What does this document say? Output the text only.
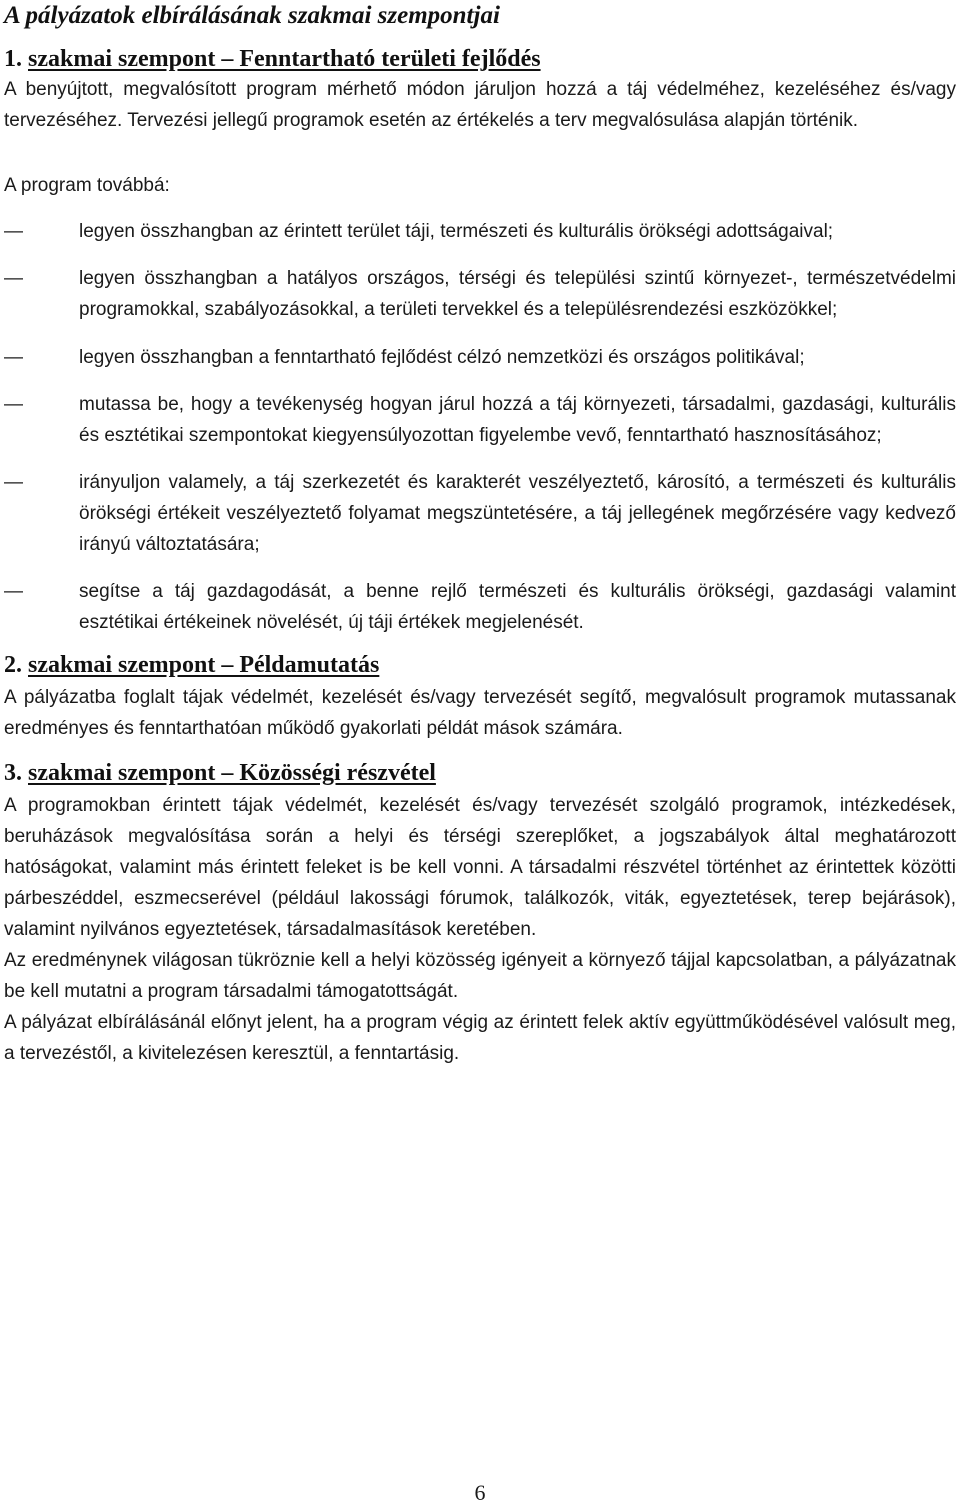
A pályázatok elbírálásának szakmai szempontjai
1. szakmai szempont – Fenntartható területi fejlődés

A benyújtott, megvalósított program mérhető módon járuljon hozzá a táj védelméhez, kezeléséhez és/vagy tervezéséhez. Tervezési jellegű programok esetén az értékelés a terv megvalósulása alapján történik.

A program továbbá:

—	legyen összhangban az érintett terület táji, természeti és kulturális örökségi adottságaival;
—	legyen összhangban a hatályos országos, térségi és települési szintű környezet-, természetvédelmi programokkal, szabályozásokkal, a területi tervekkel és a településrendezési eszközökkel;
—	legyen összhangban a fenntartható fejlődést célzó nemzetközi és országos politikával;
—	mutassa be, hogy a tevékenység hogyan járul hozzá a táj környezeti, társadalmi, gazdasági, kulturális és esztétikai szempontokat kiegyensúlyozottan figyelembe vevő, fenntartható hasznosításához;
—	irányuljon valamely, a táj szerkezetét és karakterét veszélyeztető, károsító, a természeti és kulturális örökségi értékeit veszélyeztető folyamat megszüntetésére, a táj jellegének megőrzésére vagy kedvező irányú változtatására;
—	segítse a táj gazdagodását, a benne rejlő természeti és kulturális örökségi, gazdasági valamint esztétikai értékeinek növelését, új táji értékek megjelenését.
2. szakmai szempont – Példamutatás

A pályázatba foglalt tájak védelmét, kezelését és/vagy tervezését segítő, megvalósult programok mutassanak eredményes és fenntarthatóan működő gyakorlati példát mások számára.

3. szakmai szempont – Közösségi részvétel

A programokban érintett tájak védelmét, kezelését és/vagy tervezését szolgáló programok, intézkedések, beruházások megvalósítása során a helyi és térségi szereplőket, a jogszabályok által meghatározott hatóságokat, valamint más érintett feleket is be kell vonni. A társadalmi részvétel történhet az érintettek közötti párbeszéddel, eszmecserével (például lakossági fórumok, találkozók, viták, egyeztetések, terep bejárások), valamint nyilvános egyeztetések, társadalmasítások keretében.

Az eredménynek világosan tükröznie kell a helyi közösség igényeit a környező tájjal kapcsolatban, a pályázatnak be kell mutatni a program társadalmi támogatottságát.

A pályázat elbírálásánál előnyt jelent, ha a program végig az érintett felek aktív együttműködésével valósult meg, a tervezéstől, a kivitelezésen keresztül, a fenntartásig.

6
